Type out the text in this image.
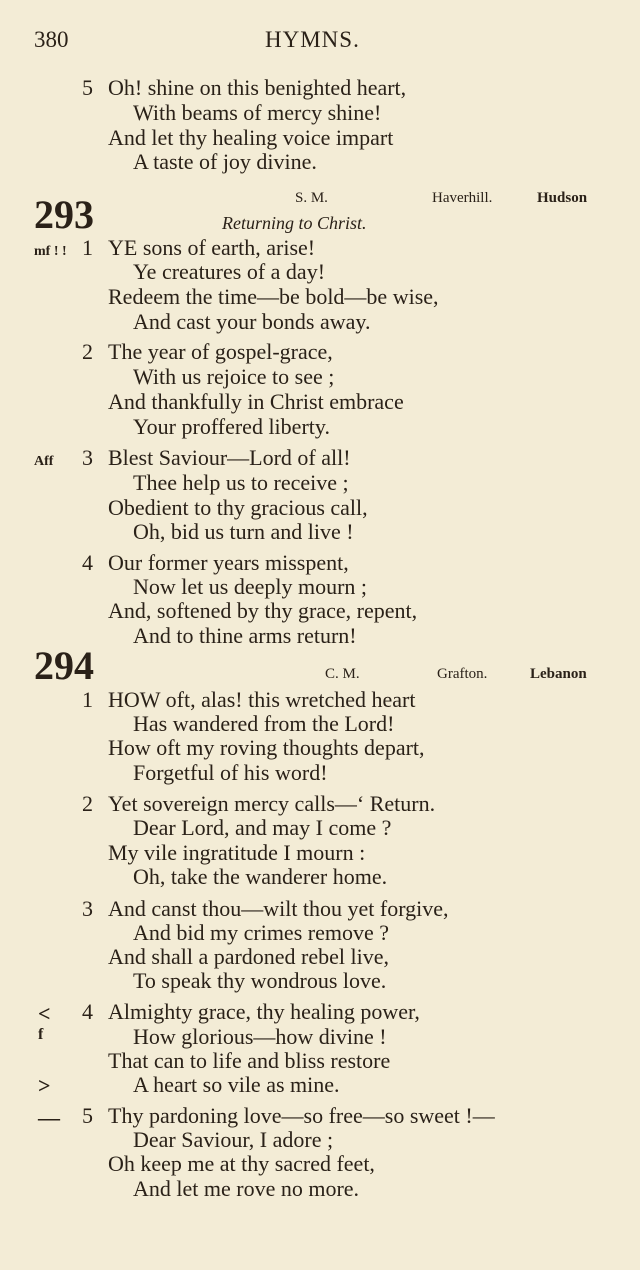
380	HYMNS.
5 Oh! shine on this benighted heart,
With beams of mercy shine!
And let thy healing voice impart
A taste of joy divine.
293	S. M.	Haverhill.	Hudson
Returning to Christ.
mf ! ! 1 YE sons of earth, arise!
Ye creatures of a day!
Redeem the time—be bold—be wise,
And cast your bonds away.
2 The year of gospel-grace,
With us rejoice to see ;
And thankfully in Christ embrace
Your proffered liberty.
Aff 3 Blest Saviour—Lord of all!
Thee help us to receive ;
Obedient to thy gracious call,
Oh, bid us turn and live !
4 Our former years misspent,
Now let us deeply mourn ;
And, softened by thy grace, repent,
And to thine arms return!
294	C. M.	Grafton.	Lebanon
1 HOW oft, alas! this wretched heart
Has wandered from the Lord!
How oft my roving thoughts depart,
Forgetful of his word!
2 Yet sovereign mercy calls—‘ Return.
Dear Lord, and may I come ?
My vile ingratitude I mourn :
Oh, take the wanderer home.
3 And canst thou—wilt thou yet forgive,
And bid my crimes remove ?
And shall a pardoned rebel live,
To speak thy wondrous love.
< 4 Almighty grace, thy healing power,
How glorious—how divine !
f
That can to life and bliss restore
A heart so vile as mine.
>
— 5 Thy pardoning love—so free—so sweet !—
Dear Saviour, I adore ;
Oh keep me at thy sacred feet,
And let me rove no more.
